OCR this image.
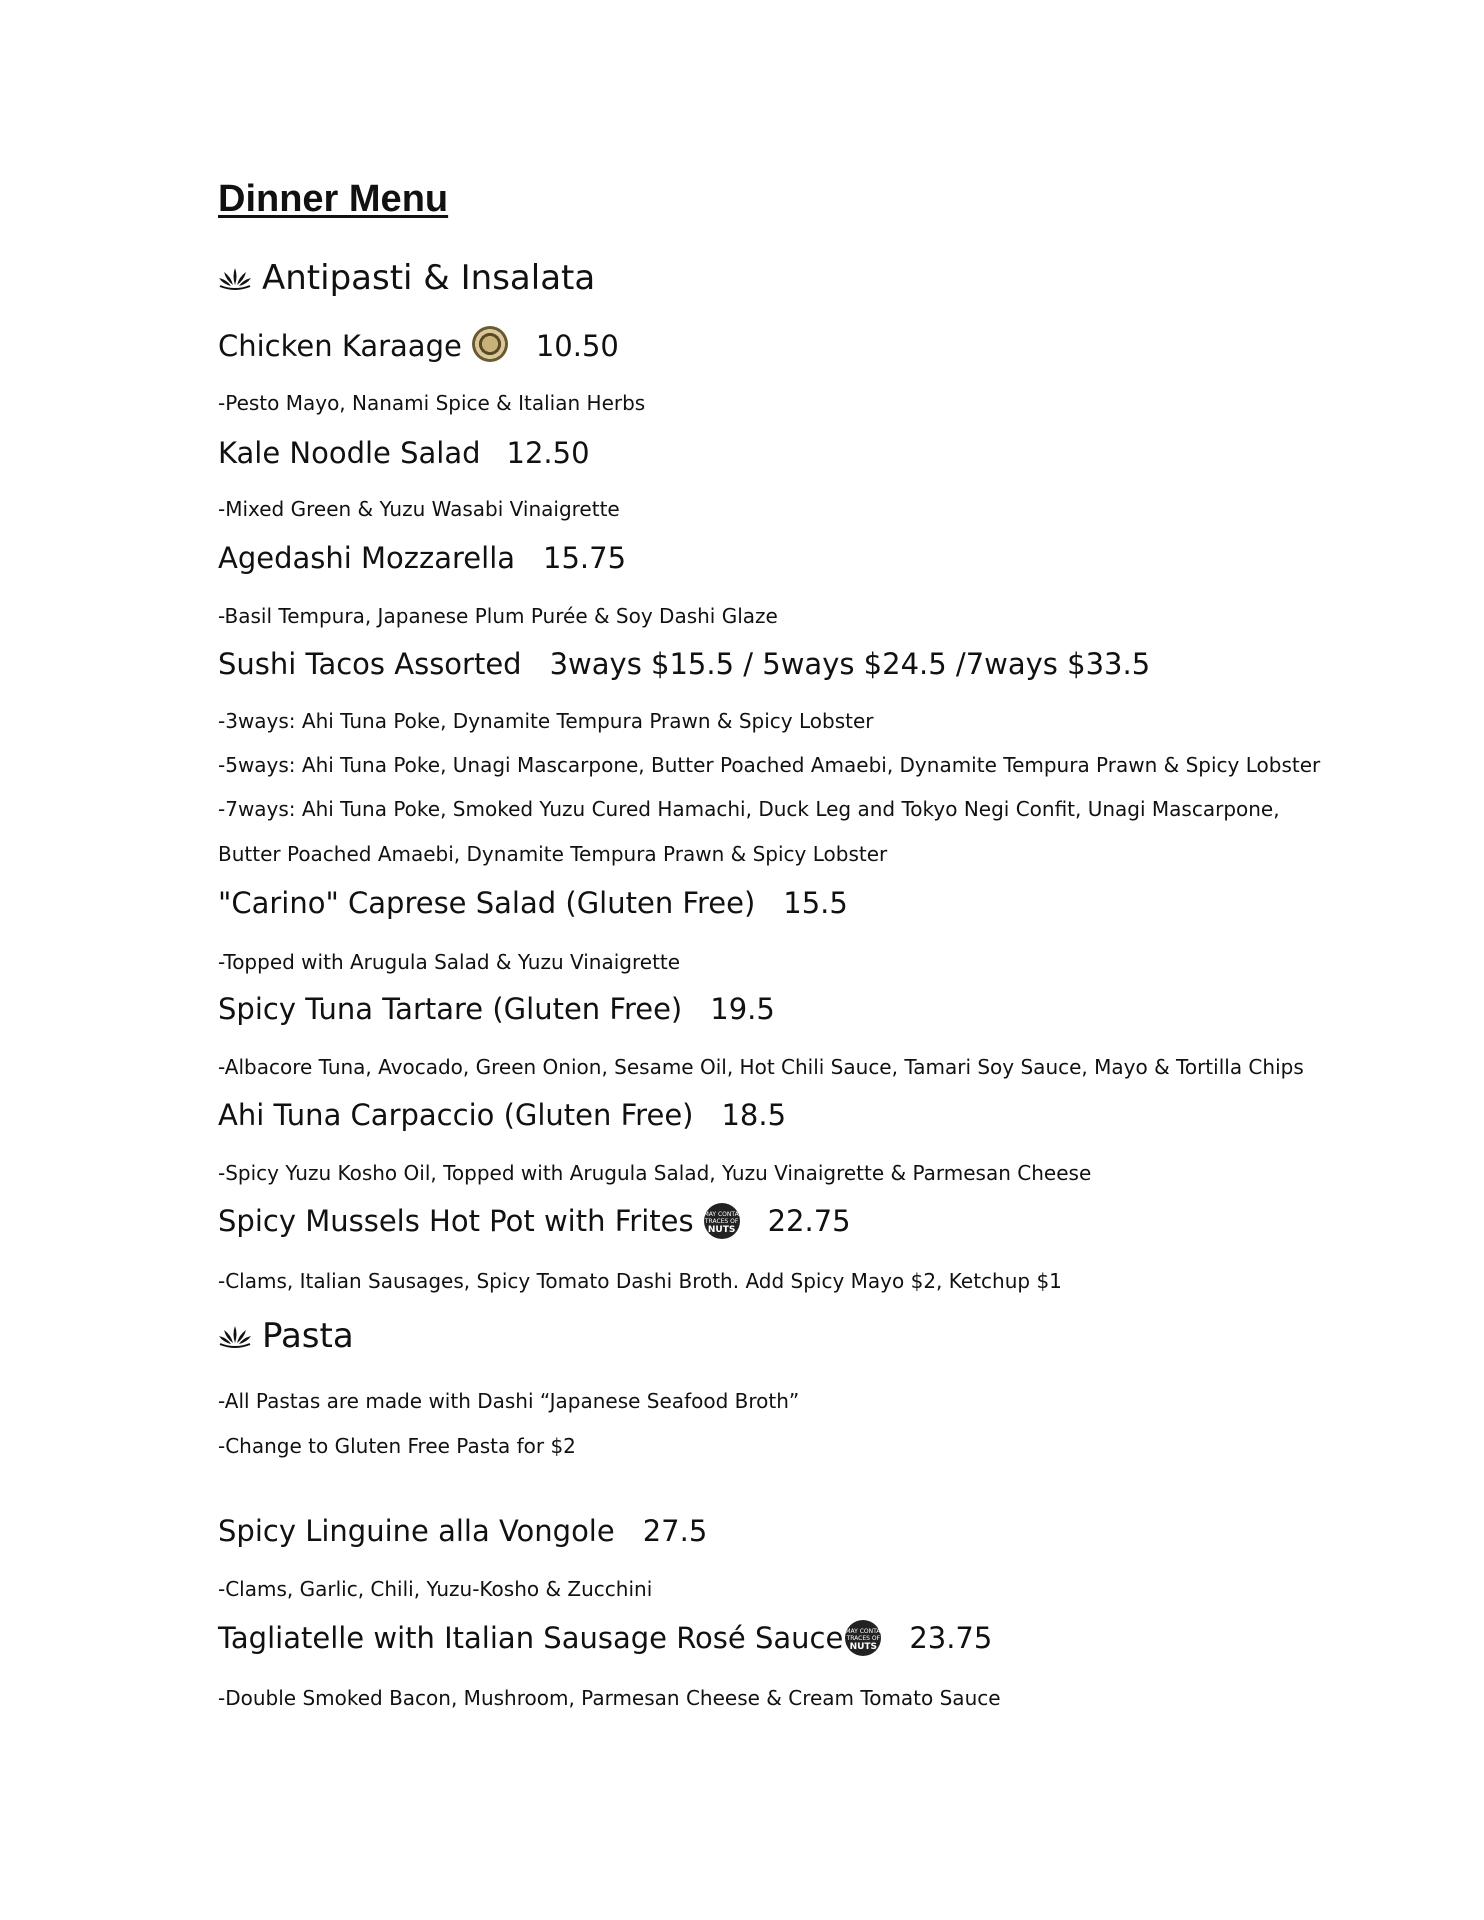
Dinner Menu
Antipasti & Insalata
Chicken Karaage	10.50
-Pesto Mayo, Nanami Spice & Italian Herbs
Kale Noodle Salad 12.50
-Mixed Green & Yuzu Wasabi Vinaigrette
Agedashi Mozzarella 15.75
-Basil Tempura, Japanese Plum Purée & Soy Dashi Glaze
Sushi Tacos Assorted 3ways $15.5 / 5ways $24.5 /7ways $33.5
-3ways: Ahi Tuna Poke, Dynamite Tempura Prawn & Spicy Lobster
-5ways: Ahi Tuna Poke, Unagi Mascarpone, Butter Poached Amaebi, Dynamite Tempura Prawn & Spicy Lobster
-7ways: Ahi Tuna Poke, Smoked Yuzu Cured Hamachi, Duck Leg and Tokyo Negi Confit, Unagi Mascarpone,
Butter Poached Amaebi, Dynamite Tempura Prawn & Spicy Lobster
"Carino" Caprese Salad (Gluten Free) 15.5
-Topped with Arugula Salad & Yuzu Vinaigrette
Spicy Tuna Tartare (Gluten Free) 19.5
-Albacore Tuna, Avocado, Green Onion, Sesame Oil, Hot Chili Sauce, Tamari Soy Sauce, Mayo & Tortilla Chips
Ahi Tuna Carpaccio (Gluten Free) 18.5
-Spicy Yuzu Kosho Oil, Topped with Arugula Salad, Yuzu Vinaigrette & Parmesan Cheese
Spicy Mussels Hot Pot with Frites MAY CONTAIN
TRACES OF
NUTS 22.75
-Clams, Italian Sausages, Spicy Tomato Dashi Broth. Add Spicy Mayo $2, Ketchup $1
Pasta
-All Pastas are made with Dashi “Japanese Seafood Broth”
-Change to Gluten Free Pasta for $2
Spicy Linguine alla Vongole 27.5
-Clams, Garlic, Chili, Yuzu-Kosho & Zucchini
Tagliatelle with Italian Sausage Rosé Sauce MAY CONTAIN
TRACES OF
NUTS 23.75
-Double Smoked Bacon, Mushroom, Parmesan Cheese & Cream Tomato Sauce
